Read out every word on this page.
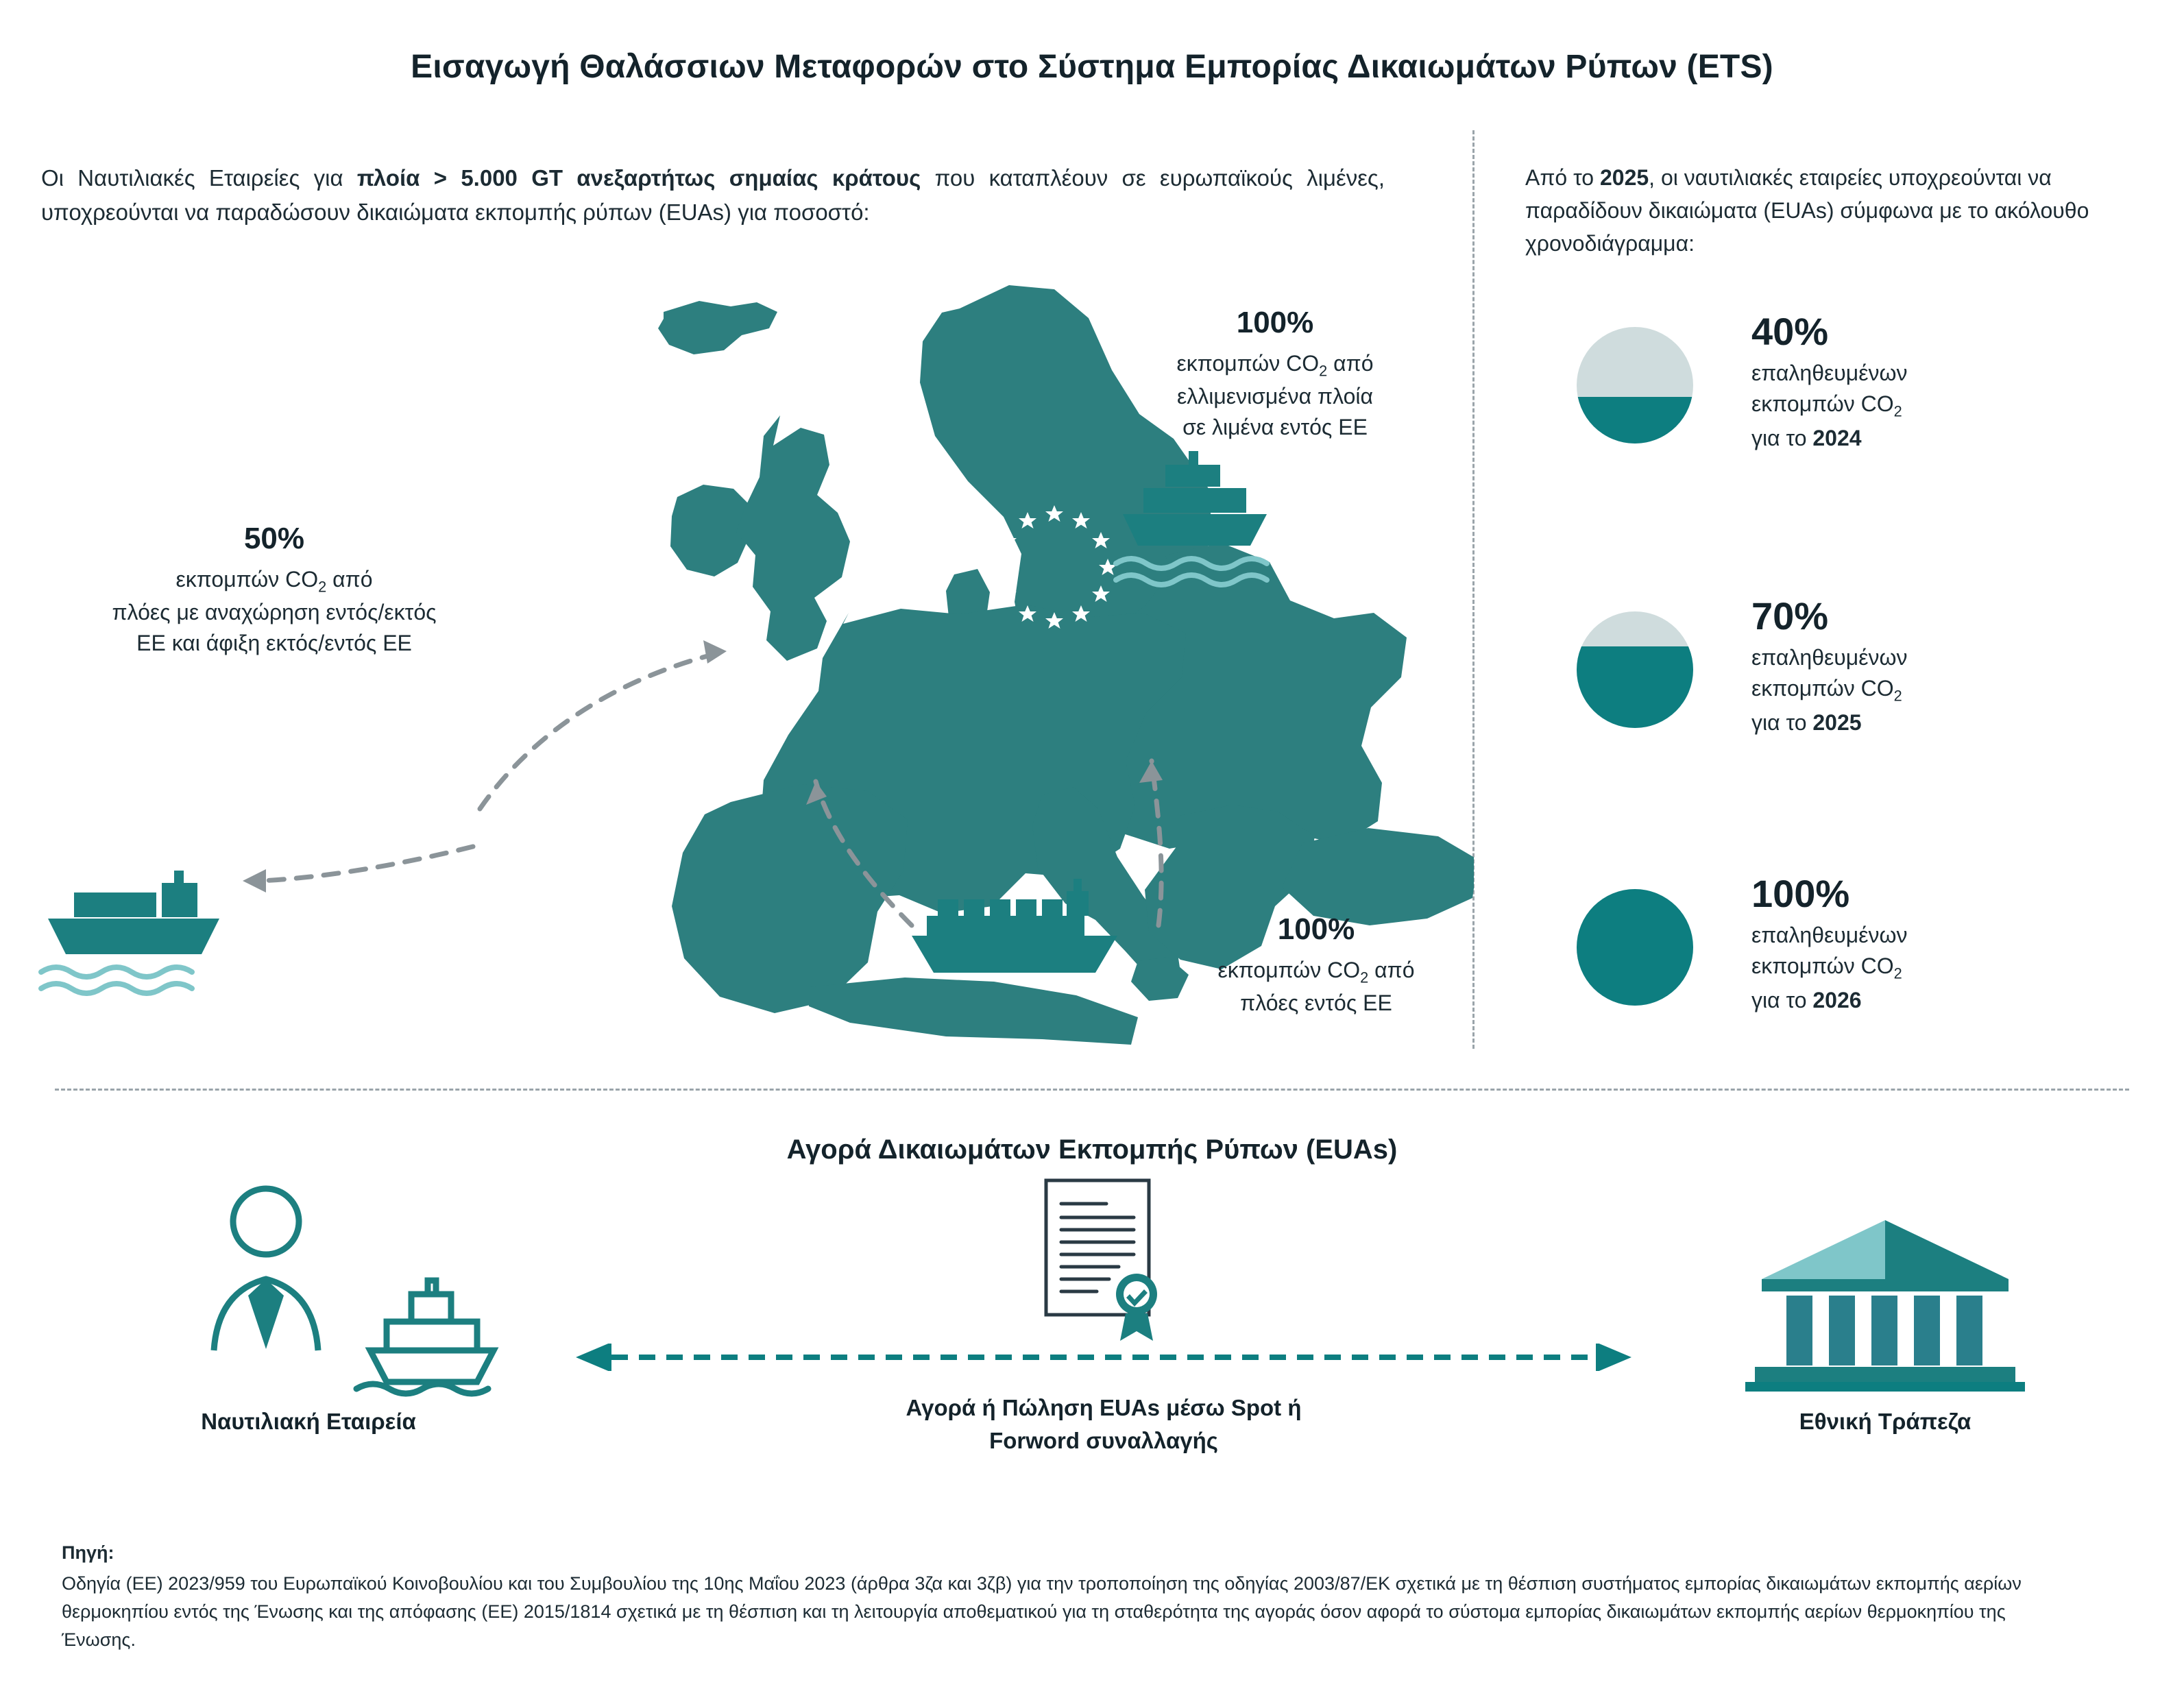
Εισαγωγή Θαλάσσιων Μεταφορών στο Σύστημα Εμπορίας Δικαιωμάτων Ρύπων (ETS)
Οι Ναυτιλιακές Εταιρείες για πλοία > 5.000 GT ανεξαρτήτως σημαίας κράτους που καταπλέουν σε ευρωπαϊκούς λιμένες, υποχρεούνται να παραδώσουν δικαιώματα εκπομπής ρύπων (EUAs) για ποσοστό:
Από το 2025, οι ναυτιλιακές εταιρείες υποχρεούνται να παραδίδουν δικαιώματα (EUAs) σύμφωνα με το ακόλουθο χρονοδιάγραμμα:
100%
εκπομπών $CO_2$ από
ελλιμενισμένα πλοία
σε λιμένα εντός ΕΕ
50%
εκπομπών $CO_2$ από
πλόες με αναχώρηση εντός/εκτός
ΕΕ και άφιξη εκτός/εντός ΕΕ
100%
εκπομπών $CO_2$ από
πλόες εντός ΕΕ
40%
επαληθευμένων
εκπομπών $CO_2$
για το 2024
70%
επαληθευμένων
εκπομπών $CO_2$
για το 2025
100%
επαληθευμένων
εκπομπών $CO_2$
για το 2026
Αγορά Δικαιωμάτων Εκπομπής Ρύπων (EUAs)
Αγορά ή Πώληση EUAs μέσω Spot ή
Forword συναλλαγής
Ναυτιλιακή Εταιρεία	Εθνική Τράπεζα
Πηγή:
Οδηγία (ΕΕ) 2023/959 του Ευρωπαϊκού Κοινοβουλίου και του Συμβουλίου της 10ης Μαΐου 2023 (άρθρα 3ζα και 3ζβ) για την τροποποίηση της οδηγίας 2003/87/ΕΚ σχετικά με τη θέσπιση συστήματος εμπορίας δικαιωμάτων εκπομπής αερίων θερμοκηπίου εντός της Ένωσης και της απόφασης (ΕΕ) 2015/1814 σχετικά με τη θέσπιση και τη λειτουργία αποθεματικού για τη σταθερότητα της αγοράς όσον αφορά το σύστομα εμπορίας δικαιωμάτων εκπομπής αερίων θερμοκηπίου της Ένωσης.
